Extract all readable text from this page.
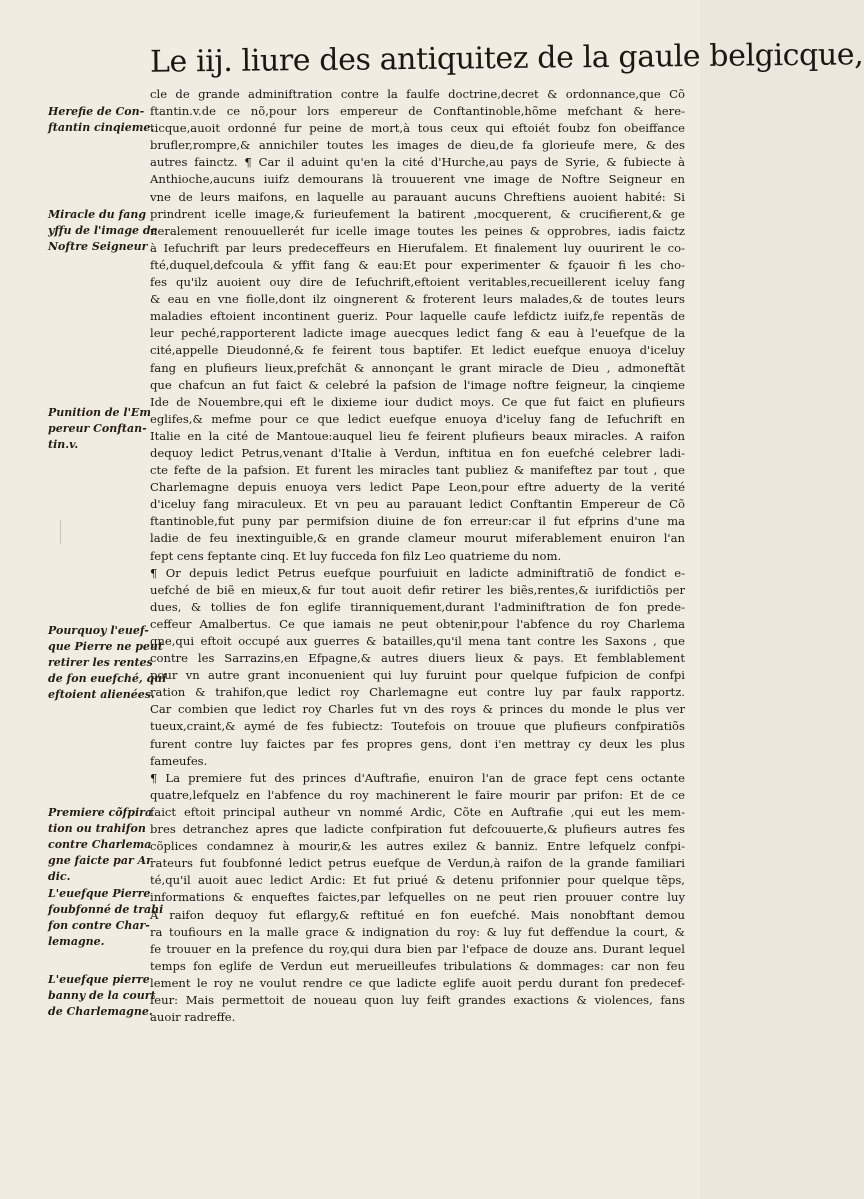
Le iij. liure des antiquitez de la gaule belgicque,
Herefie de Con-
ftantin cinqieme.
Miracle du fang
yffu de l'image de
Noftre Seigneur
Punition de l'Em
pereur Conftan-
tin.v.
Pourquoy l'euef-
que Pierre ne peut
retirer les rentes
de fon euefché, qui
eftoient alienées.
Premiere cõfpira
tion ou trahifon
contre Charlema
gne faicte par Ar
dic.
L'euefque Pierre
foubfonné de trahi
fon contre Char-
lemagne.
L'euefque pierre
banny de la court
de Charlemagne.
cle de grande adminiftration contre la faulfe doctrine,decret & ordonnance,que Cõ
ftantin.v.de ce nõ,pour lors empereur de Conftantinoble,hõme mefchant & here-
ticque,auoit ordonné fur peine de mort,à tous ceux qui eftoiét foubz fon obeiffance
brufler,rompre,& annichiler toutes les images de dieu,de fa glorieufe mere, & des
autres fainctz. ¶ Car il aduint qu'en la cité d'Hurche,au pays de Syrie, & fubiecte à
Anthioche,aucuns iuifz demourans là trouuerent vne image de Noftre Seigneur en
vne de leurs maifons, en laquelle au parauant aucuns Chreftiens auoient habité: Si
prindrent icelle image,& furieufement la batirent ,mocquerent, & crucifierent,& ge
neralement renouuellerét fur icelle image toutes les peines & opprobres, iadis faictz
à Iefuchrift par leurs predeceffeurs en Hierufalem. Et finalement luy ouurirent le co-
fté,duquel,defcoula & yffit fang & eau:Et pour experimenter & fçauoir fi les cho-
fes qu'ilz auoient ouy dire de Iefuchrift,eftoient veritables,recueillerent iceluy fang
& eau en vne fiolle,dont ilz oingnerent & froterent leurs malades,& de toutes leurs
maladies eftoient incontinent gueriz. Pour laquelle caufe lefdictz iuifz,fe repentãs de
leur peché,rapporterent ladicte image auecques ledict fang & eau à l'euefque de la
cité,appelle Dieudonné,& fe feirent tous baptifer. Et ledict euefque enuoya d'iceluy
fang en plufieurs lieux,prefchãt & annonçant le grant miracle de Dieu , admoneftãt
que chafcun an fut faict & celebré la pafsion de l'image noftre feigneur, la cinqieme
Ide de Nouembre,qui eft le dixieme iour dudict moys. Ce que fut faict en plufieurs
eglifes,& mefme pour ce que ledict euefque enuoya d'iceluy fang de Iefuchrift en
Italie en la cité de Mantoue:auquel lieu fe feirent plufieurs beaux miracles. A raifon
dequoy ledict Petrus,venant d'Italie à Verdun, inftitua en fon euefché celebrer ladi-
cte fefte de la pafsion. Et furent les miracles tant publiez & manifeftez par tout , que
Charlemagne depuis enuoya vers ledict Pape Leon,pour eftre aduerty de la verité
d'iceluy fang miraculeux. Et vn peu au parauant ledict Conftantin Empereur de Cõ
ftantinoble,fut puny par permifsion diuine de fon erreur:car il fut efprins d'une ma
ladie de feu inextinguible,& en grande clameur mourut miferablement enuiron l'an
fept cens feptante cinq. Et luy fucceda fon filz Leo quatrieme du nom.
¶ Or depuis ledict Petrus euefque pourfuiuit en ladicte adminiftratiõ de fondict e-
uefché de biẽ en mieux,& fur tout auoit defir retirer les biẽs,rentes,& iurifdictiõs per
dues, & tollies de fon eglife tiranniquement,durant l'adminiftration de fon prede-
ceffeur Amalbertus. Ce que iamais ne peut obtenir,pour l'abfence du roy Charlema
gne,qui eftoit occupé aux guerres & batailles,qu'il mena tant contre les Saxons , que
contre les Sarrazins,en Efpagne,& autres diuers lieux & pays. Et femblablement
pour vn autre grant inconuenient qui luy furuint pour quelque fufpicion de confpi
ration & trahifon,que ledict roy Charlemagne eut contre luy par faulx rapportz.
Car combien que ledict roy Charles fut vn des roys & princes du monde le plus ver
tueux,craint,& aymé de fes fubiectz: Toutefois on trouue que plufieurs confpiratiõs
furent contre luy faictes par fes propres gens, dont i'en mettray cy deux les plus
fameufes.
¶ La premiere fut des princes d'Auftrafie, enuiron l'an de grace fept cens octante
quatre,lefquelz en l'abfence du roy machinerent le faire mourir par prifon: Et de ce
faict eftoit principal autheur vn nommé Ardic, Cõte en Auftrafie ,qui eut les mem-
bres detranchez apres que ladicte confpiration fut defcouuerte,& plufieurs autres fes
cõplices condamnez à mourir,& les autres exilez & banniz. Entre lefquelz confpi-
rateurs fut foubfonné ledict petrus euefque de Verdun,à raifon de la grande familiari
té,qu'il auoit auec ledict Ardic: Et fut priué & detenu prifonnier pour quelque tẽps,
informations & enqueftes faictes,par lefquelles on ne peut rien prouuer contre luy
A raifon dequoy fut eflargy,& reftitué en fon euefché. Mais nonobftant demou
ra toufiours en la malle grace & indignation du roy: & luy fut deffendue la court, &
fe trouuer en la prefence du roy,qui dura bien par l'efpace de douze ans. Durant lequel
temps fon eglife de Verdun eut merueilleufes tribulations & dommages: car non feu
lement le roy ne voulut rendre ce que ladicte eglife auoit perdu durant fon predecef-
feur: Mais permettoit de noueau quon luy feift grandes exactions & violences, fans
auoir radreffe.
